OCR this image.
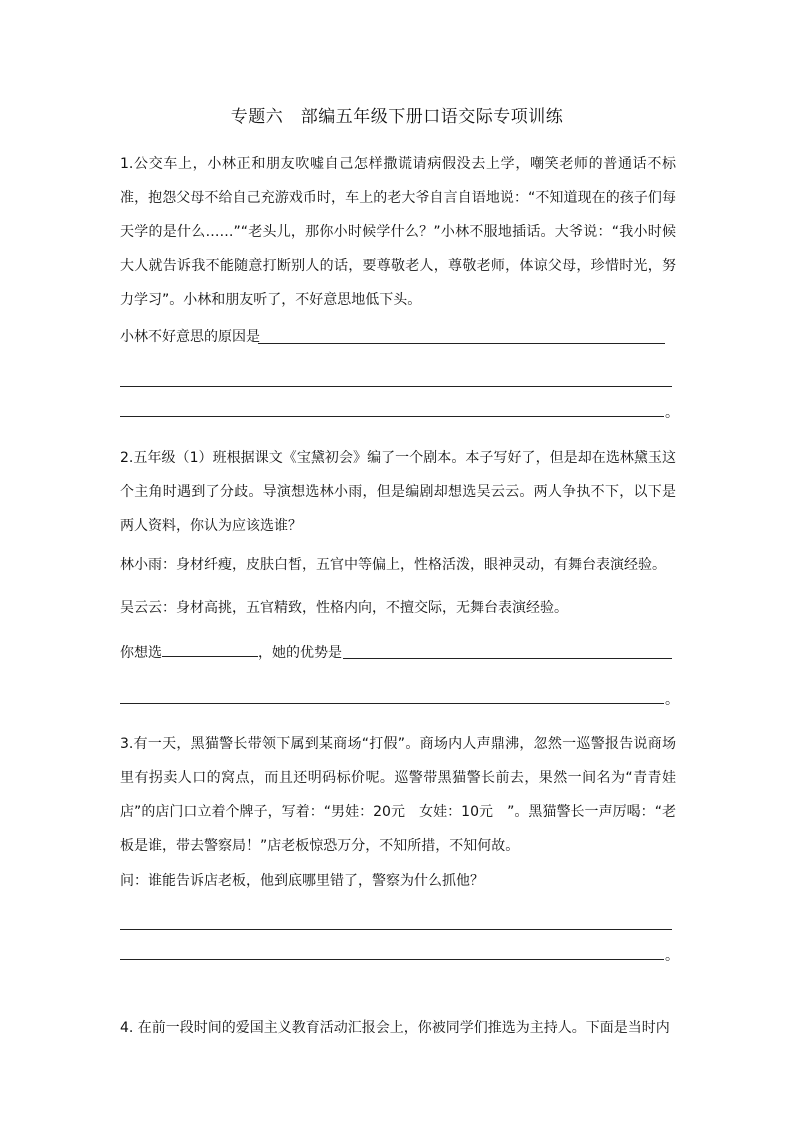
专题六　部编五年级下册口语交际专项训练

1.公交车上，小林正和朋友吹嘘自己怎样撒谎请病假没去上学，嘲笑老师的普通话不标准，抱怨父母不给自己充游戏币时，车上的老大爷自言自语地说：“不知道现在的孩子们每天学的是什么……”“老头儿，那你小时候学什么？”小林不服地插话。大爷说：“我小时候大人就告诉我不能随意打断别人的话，要尊敬老人，尊敬老师，体谅父母，珍惜时光，努力学习”。小林和朋友听了，不好意思地低下头。

小林不好意思的原因是
。

2.五年级（1）班根据课文《宝黛初会》编了一个剧本。本子写好了，但是却在选林黛玉这个主角时遇到了分歧。导演想选林小雨，但是编剧却想选吴云云。两人争执不下，以下是两人资料，你认为应该选谁？

林小雨：身材纤瘦，皮肤白皙，五官中等偏上，性格活泼，眼神灵动，有舞台表演经验。
吴云云：身材高挑，五官精致，性格内向，不擅交际，无舞台表演经验。
你想选	，她的优势是
。

3.有一天，黑猫警长带领下属到某商场“打假”。商场内人声鼎沸，忽然一巡警报告说商场里有拐卖人口的窝点，而且还明码标价呢。巡警带黑猫警长前去，果然一间名为“青青娃店”的店门口立着个牌子，写着：“男娃：20元　女娃：10元　”。黑猫警长一声厉喝：“老板是谁，带去警察局！”店老板惊恐万分，不知所措，不知何故。

问：谁能告诉店老板，他到底哪里错了，警察为什么抓他？
。

4. 在前一段时间的爱国主义教育活动汇报会上，你被同学们推选为主持人。下面是当时内
